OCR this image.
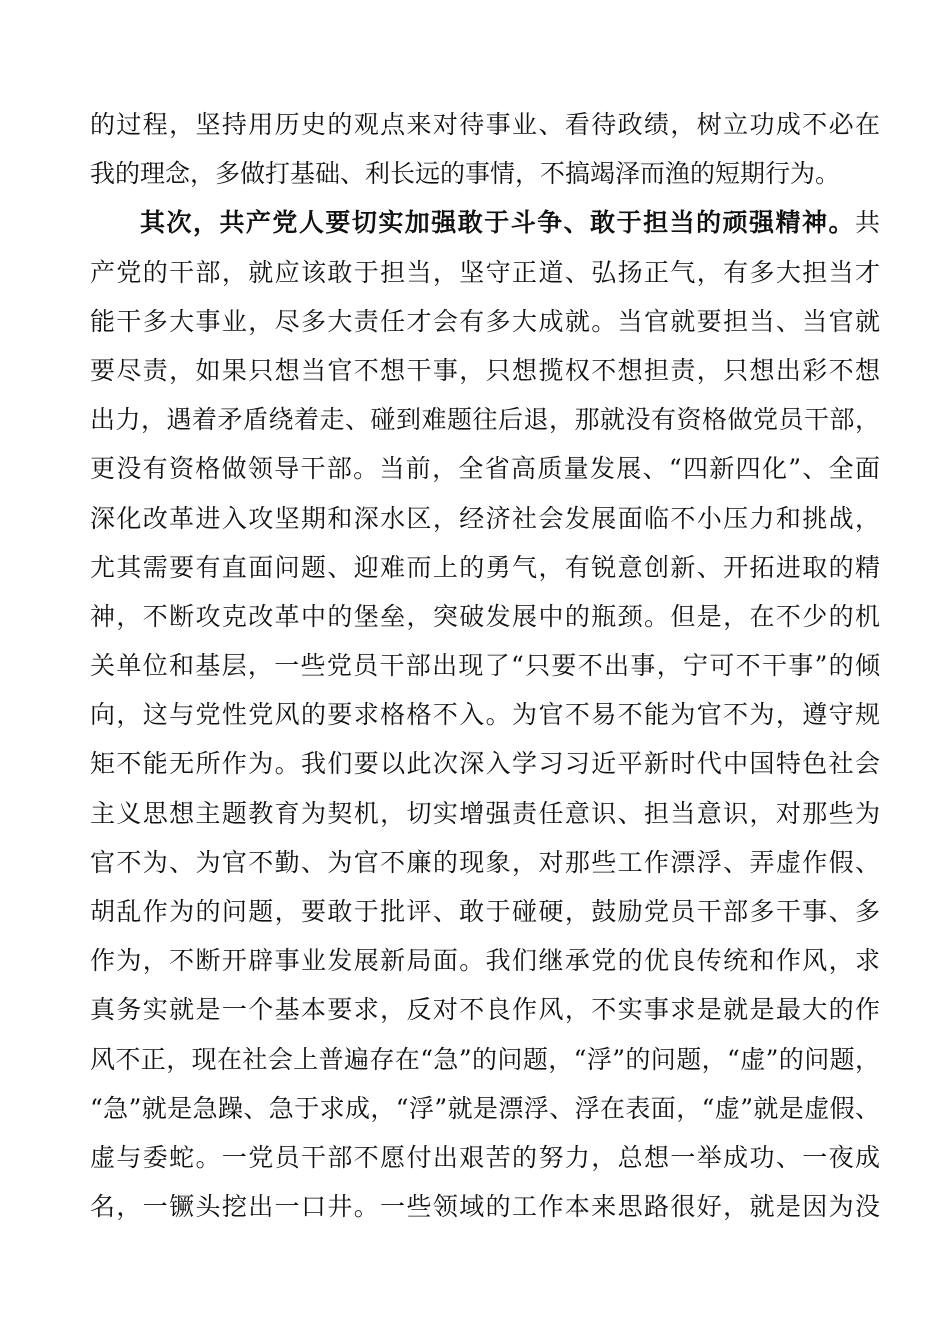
的过程，坚持用历史的观点来对待事业、看待政绩，树立功成不必在
我的理念，多做打基础、利长远的事情，不搞竭泽而渔的短期行为。
其次，共产党人要切实加强敢于斗争、敢于担当的顽强精神。共
产党的干部，就应该敢于担当，坚守正道、弘扬正气，有多大担当才
能干多大事业，尽多大责任才会有多大成就。当官就要担当、当官就
要尽责，如果只想当官不想干事，只想揽权不想担责，只想出彩不想
出力，遇着矛盾绕着走、碰到难题往后退，那就没有资格做党员干部，
更没有资格做领导干部。当前，全省高质量发展、“四新四化”、全面
深化改革进入攻坚期和深水区，经济社会发展面临不小压力和挑战，
尤其需要有直面问题、迎难而上的勇气，有锐意创新、开拓进取的精
神，不断攻克改革中的堡垒，突破发展中的瓶颈。但是，在不少的机
关单位和基层，一些党员干部出现了“只要不出事，宁可不干事”的倾
向，这与党性党风的要求格格不入。为官不易不能为官不为，遵守规
矩不能无所作为。我们要以此次深入学习习近平新时代中国特色社会
主义思想主题教育为契机，切实增强责任意识、担当意识，对那些为
官不为、为官不勤、为官不廉的现象，对那些工作漂浮、弄虚作假、
胡乱作为的问题，要敢于批评、敢于碰硬，鼓励党员干部多干事、多
作为，不断开辟事业发展新局面。我们继承党的优良传统和作风，求
真务实就是一个基本要求，反对不良作风，不实事求是就是最大的作
风不正，现在社会上普遍存在“急”的问题，“浮”的问题，“虚”的问题，
“急”就是急躁、急于求成，“浮”就是漂浮、浮在表面，“虚”就是虚假、
虚与委蛇。一党员干部不愿付出艰苦的努力，总想一举成功、一夜成
名，一镢头挖出一口井。一些领域的工作本来思路很好，就是因为没
